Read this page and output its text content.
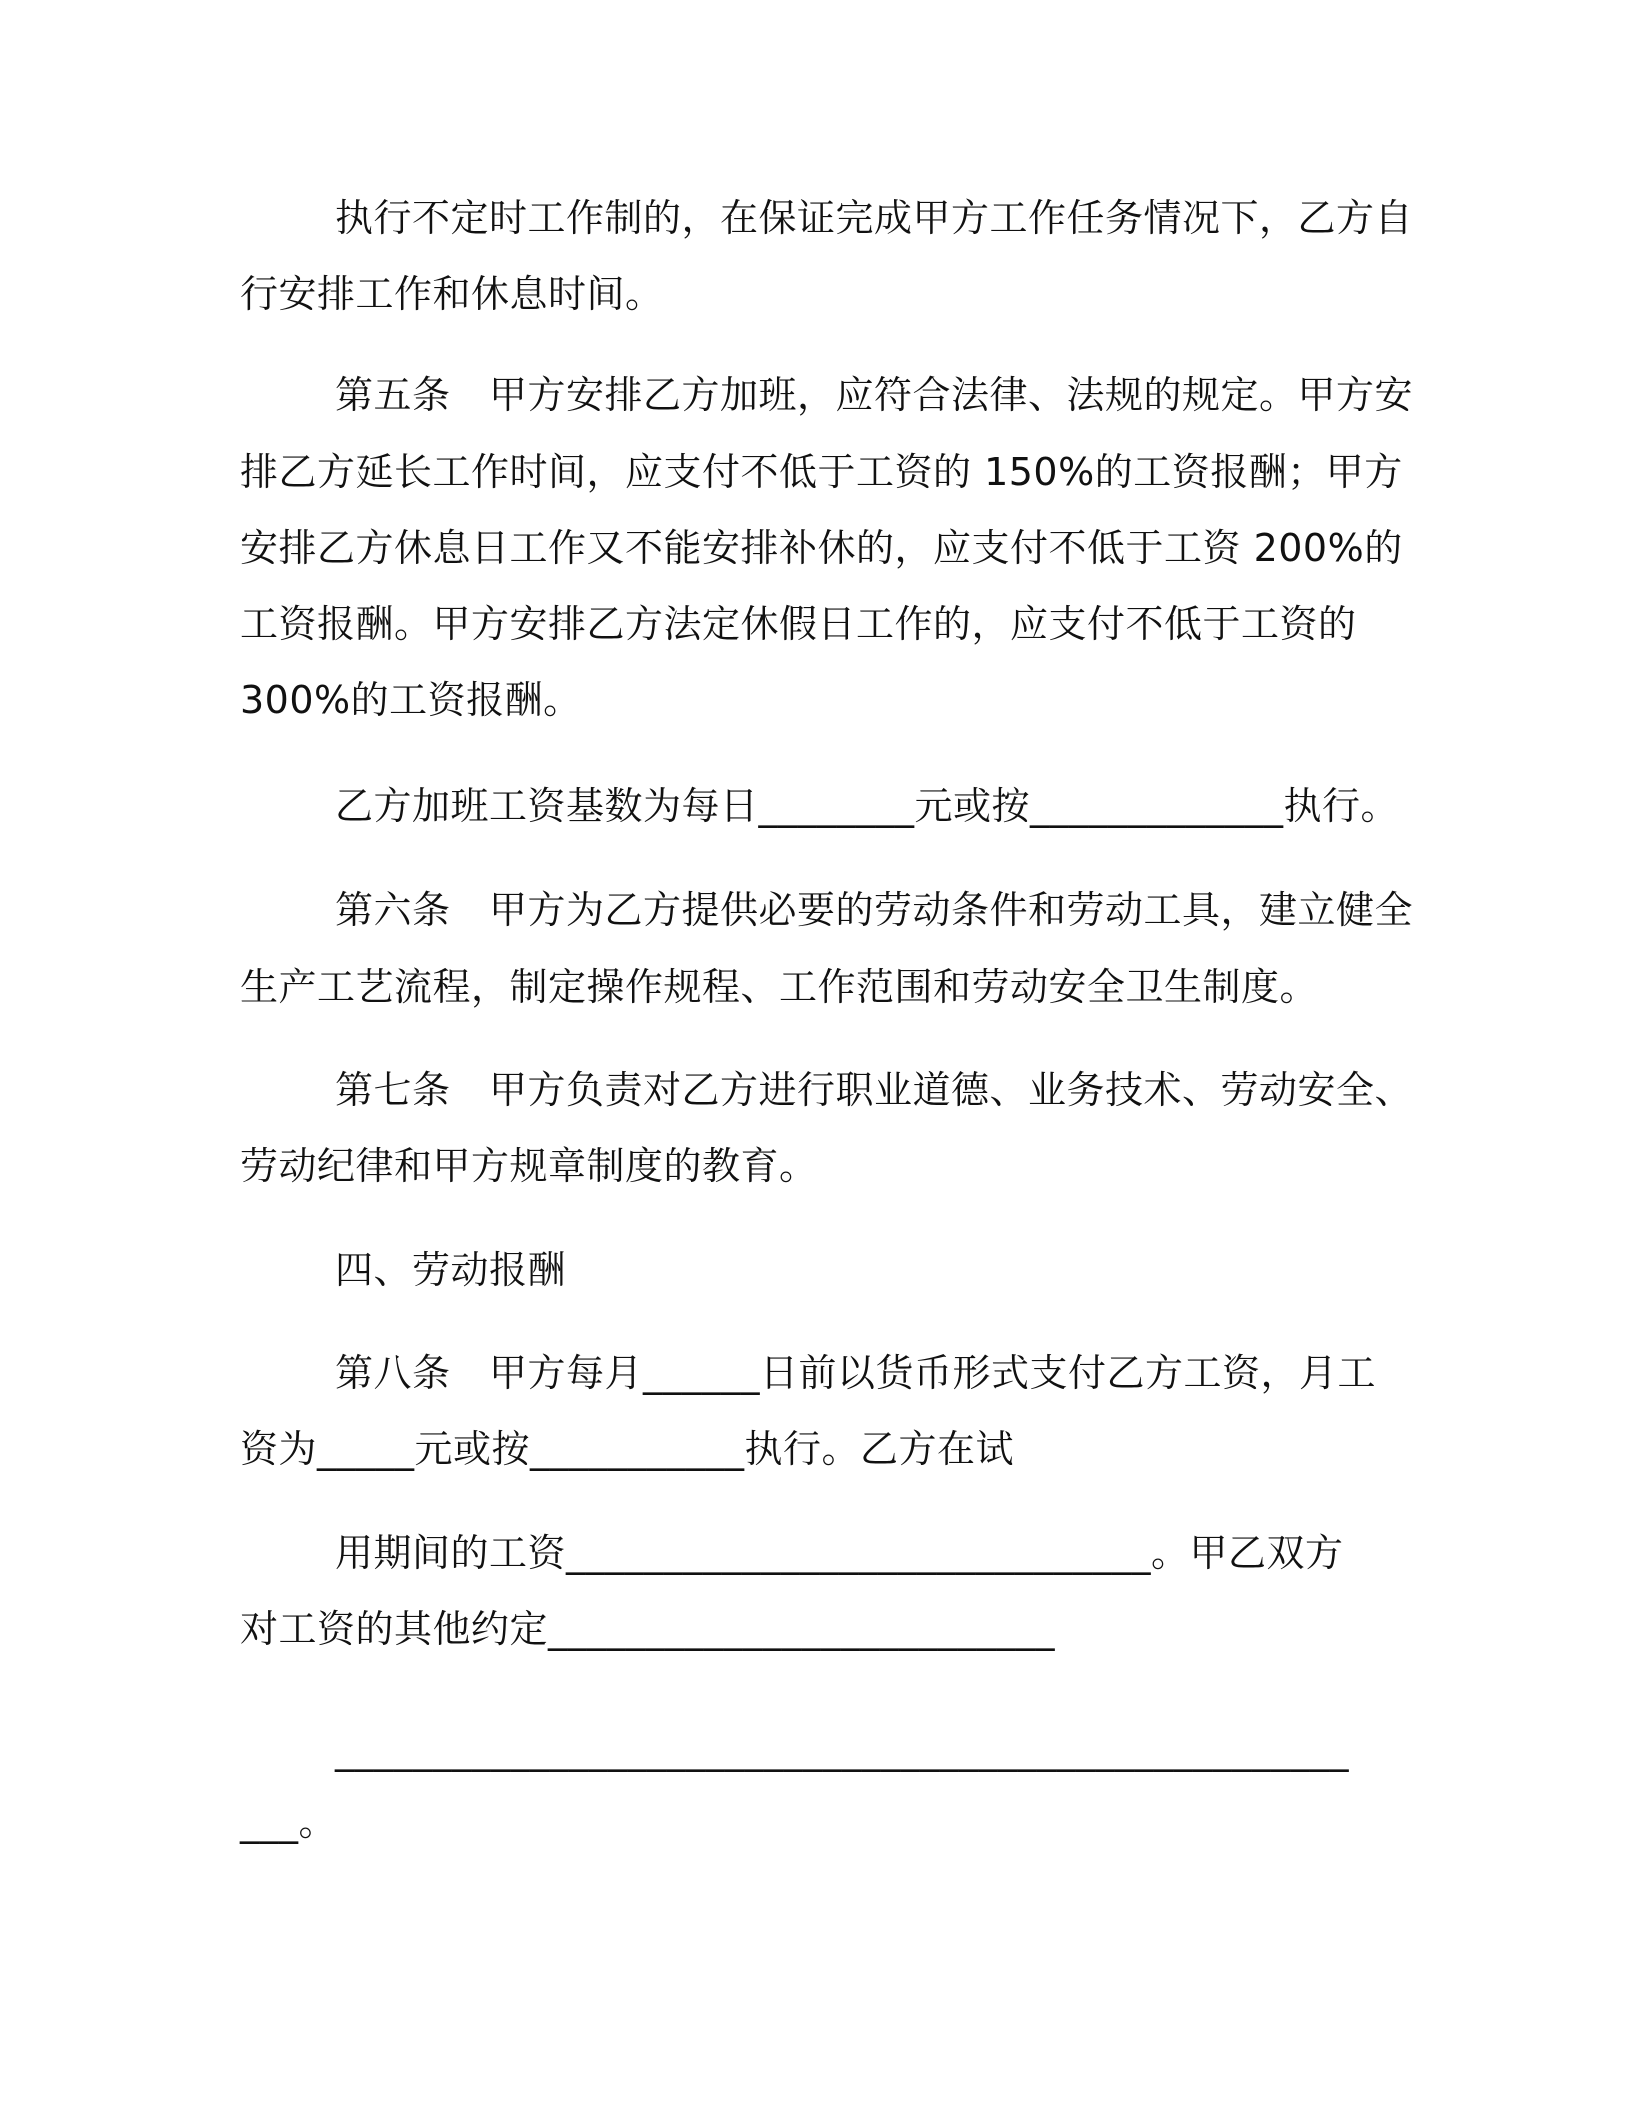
执行不定时工作制的，在保证完成甲方工作任务情况下，乙方自
行安排工作和休息时间。
第五条　甲方安排乙方加班，应符合法律、法规的规定。甲方安
排乙方延长工作时间，应支付不低于工资的 150%的工资报酬；甲方
安排乙方休息日工作又不能安排补休的，应支付不低于工资 200%的
工资报酬。甲方安排乙方法定休假日工作的，应支付不低于工资的
300%的工资报酬。
乙方加班工资基数为每日________元或按_____________执行。
第六条　甲方为乙方提供必要的劳动条件和劳动工具，建立健全
生产工艺流程，制定操作规程、工作范围和劳动安全卫生制度。
第七条　甲方负责对乙方进行职业道德、业务技术、劳动安全、
劳动纪律和甲方规章制度的教育。
四、劳动报酬
第八条　甲方每月______日前以货币形式支付乙方工资，月工
资为_____元或按___________执行。乙方在试
用期间的工资______________________________。甲乙双方
对工资的其他约定__________________________
____________________________________________________
___。
